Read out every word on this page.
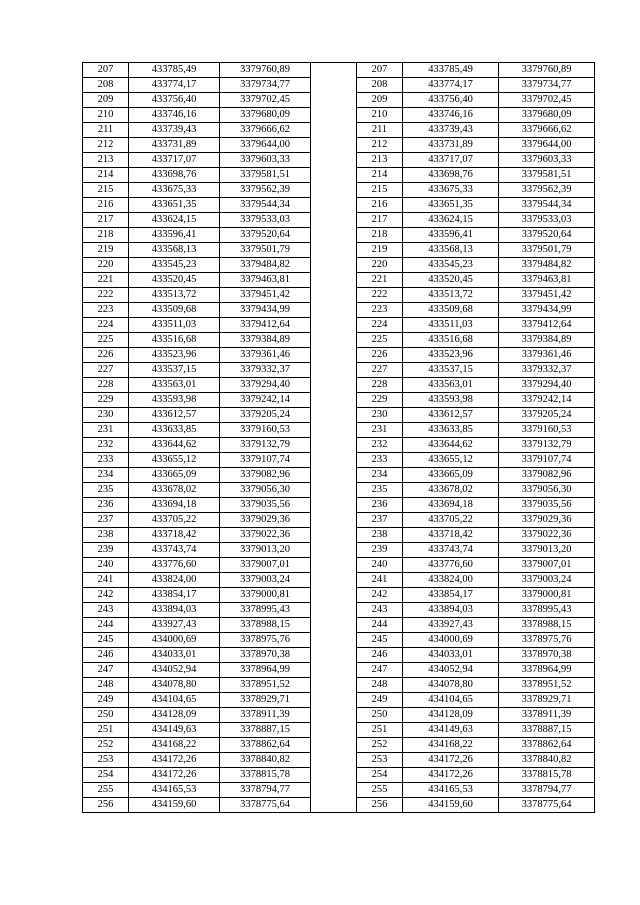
207	433785,49	3379760,89		207	433785,49	3379760,89
208	433774,17	3379734,77		208	433774,17	3379734,77
209	433756,40	3379702,45		209	433756,40	3379702,45
210	433746,16	3379680,09		210	433746,16	3379680,09
211	433739,43	3379666,62		211	433739,43	3379666,62
212	433731,89	3379644,00		212	433731,89	3379644,00
213	433717,07	3379603,33		213	433717,07	3379603,33
214	433698,76	3379581,51		214	433698,76	3379581,51
215	433675,33	3379562,39		215	433675,33	3379562,39
216	433651,35	3379544,34		216	433651,35	3379544,34
217	433624,15	3379533,03		217	433624,15	3379533,03
218	433596,41	3379520,64		218	433596,41	3379520,64
219	433568,13	3379501,79		219	433568,13	3379501,79
220	433545,23	3379484,82		220	433545,23	3379484,82
221	433520,45	3379463,81		221	433520,45	3379463,81
222	433513,72	3379451,42		222	433513,72	3379451,42
223	433509,68	3379434,99		223	433509,68	3379434,99
224	433511,03	3379412,64		224	433511,03	3379412,64
225	433516,68	3379384,89		225	433516,68	3379384,89
226	433523,96	3379361,46		226	433523,96	3379361,46
227	433537,15	3379332,37		227	433537,15	3379332,37
228	433563,01	3379294,40		228	433563,01	3379294,40
229	433593,98	3379242,14		229	433593,98	3379242,14
230	433612,57	3379205,24		230	433612,57	3379205,24
231	433633,85	3379160,53		231	433633,85	3379160,53
232	433644,62	3379132,79		232	433644,62	3379132,79
233	433655,12	3379107,74		233	433655,12	3379107,74
234	433665,09	3379082,96		234	433665,09	3379082,96
235	433678,02	3379056,30		235	433678,02	3379056,30
236	433694,18	3379035,56		236	433694,18	3379035,56
237	433705,22	3379029,36		237	433705,22	3379029,36
238	433718,42	3379022,36		238	433718,42	3379022,36
239	433743,74	3379013,20		239	433743,74	3379013,20
240	433776,60	3379007,01		240	433776,60	3379007,01
241	433824,00	3379003,24		241	433824,00	3379003,24
242	433854,17	3379000,81		242	433854,17	3379000,81
243	433894,03	3378995,43		243	433894,03	3378995,43
244	433927,43	3378988,15		244	433927,43	3378988,15
245	434000,69	3378975,76		245	434000,69	3378975,76
246	434033,01	3378970,38		246	434033,01	3378970,38
247	434052,94	3378964,99		247	434052,94	3378964,99
248	434078,80	3378951,52		248	434078,80	3378951,52
249	434104,65	3378929,71		249	434104,65	3378929,71
250	434128,09	3378911,39		250	434128,09	3378911,39
251	434149,63	3378887,15		251	434149,63	3378887,15
252	434168,22	3378862,64		252	434168,22	3378862,64
253	434172,26	3378840,82		253	434172,26	3378840,82
254	434172,26	3378815,78		254	434172,26	3378815,78
255	434165,53	3378794,77		255	434165,53	3378794,77
256	434159,60	3378775,64		256	434159,60	3378775,64
